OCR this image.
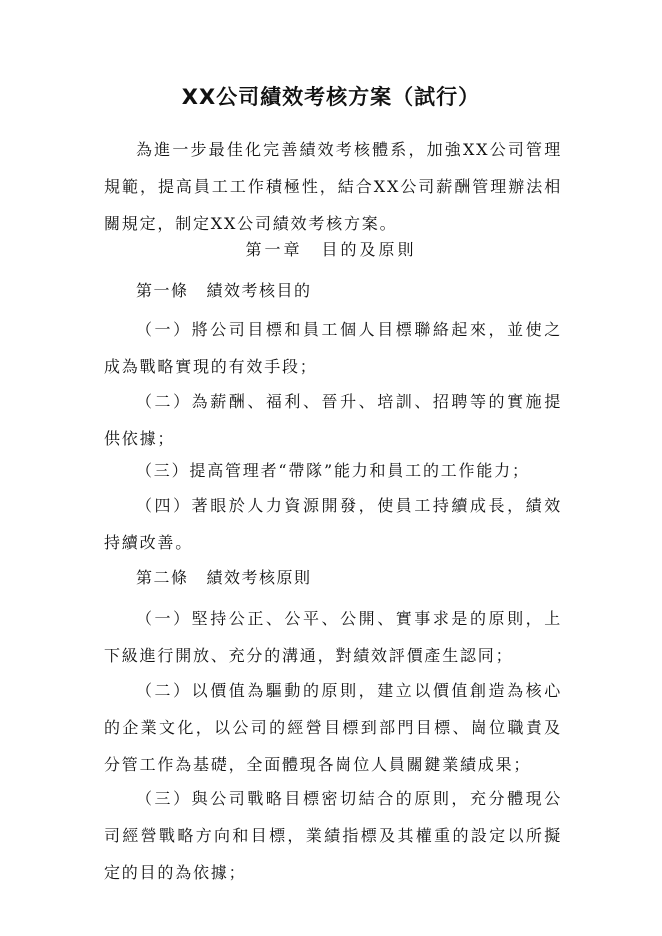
XX公司績效考核方案（試行）
為進一步最佳化完善績效考核體系，加強XX公司管理規範，提高員工工作積極性，結合XX公司薪酬管理辦法相關規定，制定XX公司績效考核方案。
第一章　目的及原則
第一條 績效考核目的
（一）將公司目標和員工個人目標聯絡起來，並使之成為戰略實現的有效手段；
（二）為薪酬、福利、晉升、培訓、招聘等的實施提供依據；
（三）提高管理者“帶隊”能力和員工的工作能力；
（四）著眼於人力資源開發，使員工持續成長，績效持續改善。
第二條 績效考核原則
（一）堅持公正、公平、公開、實事求是的原則，上下級進行開放、充分的溝通，對績效評價產生認同；
（二）以價值為驅動的原則，建立以價值創造為核心的企業文化，以公司的經營目標到部門目標、崗位職責及分管工作為基礎，全面體現各崗位人員關鍵業績成果；
（三）與公司戰略目標密切結合的原則，充分體現公司經營戰略方向和目標，業績指標及其權重的設定以所擬定的目的為依據；
